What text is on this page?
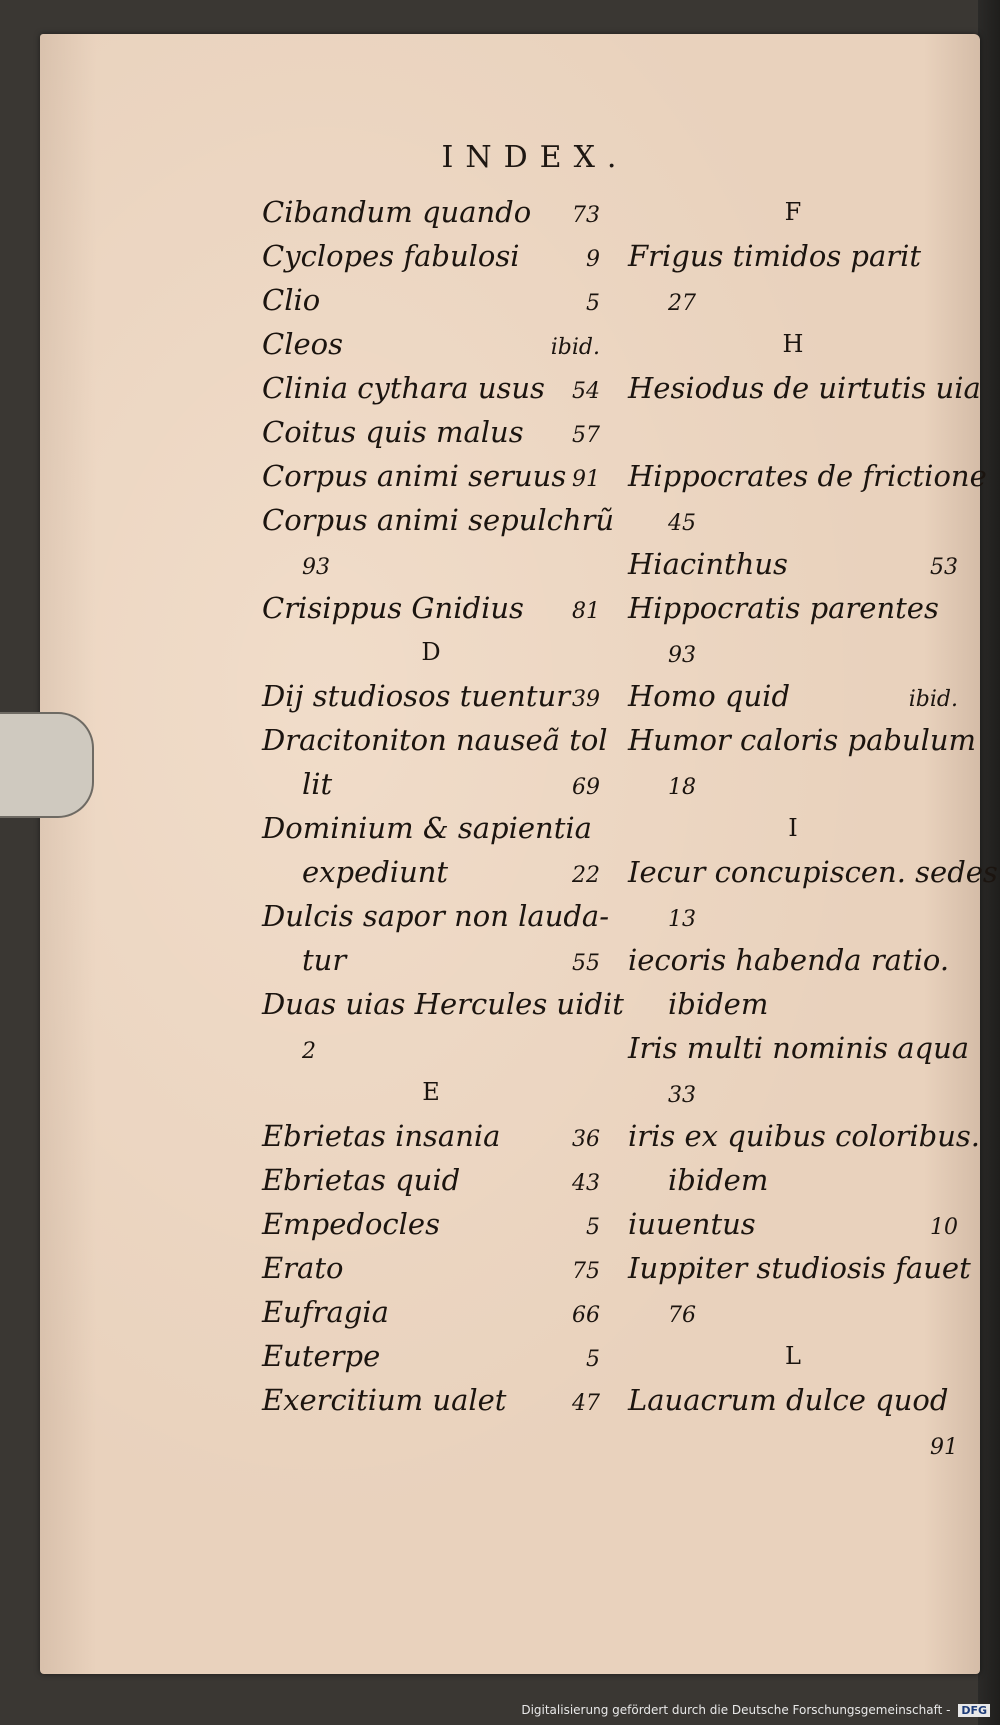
INDEX.
Cibandum quando 73
Cyclopes fabulosi	9
Clio	5
Cleos	ibid.
Clinia cythara usus 54
Coitus quis malus 57
Corpus animi seruus 91
Corpus animi sepulchrũ
93
Crisippus Gnidius 81
D
Dij studiosos tuentur 39
Dracitoniton nauseã tol
lit	69
Dominium & sapientia
expediunt	22
Dulcis sapor non lauda-
tur	55
Duas uias Hercules uidit
2
E
Ebrietas insania	36
Ebrietas quid	43
Empedocles	5
Erato	75
Eufragia	66
Euterpe	5
Exercitium ualet	47
F
Frigus timidos parit
27
H
Hesiodus de uirtutis uia
Hippocrates de frictione
45
Hiacinthus	53
Hippocratis parentes
93
Homo quid	ibid.
Humor caloris pabulum
18
I
Iecur concupiscen. sedes
13
iecoris habenda ratio.
ibidem
Iris multi nominis aqua
33
iris ex quibus coloribus.
ibidem
iuuentus	10
Iuppiter studiosis fauet
76
L
Lauacrum dulce quod
91
Digitalisierung gefördert durch die Deutsche Forschungsgemeinschaft - DFG
